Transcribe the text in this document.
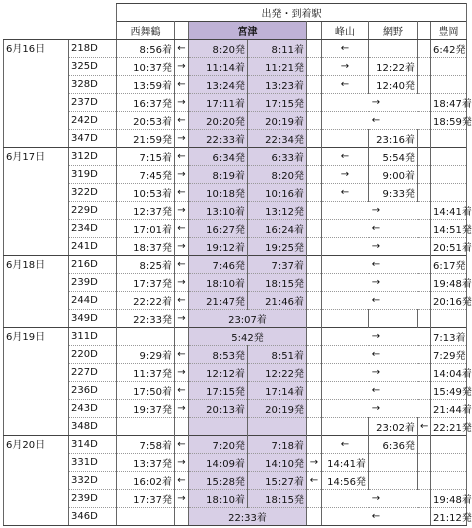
		出発・到着駅								
		西舞鶴		宮津			峰山	網野		豊岡
6月16日	218D	8:56着	←	8:20発	8:11着		←			6:42発
	325D	10:37発	→	11:14着	11:21発		→	12:22着		
	328D	13:59着	←	13:24発	13:23着		←	12:40発		
	237D	16:37発	→	17:11着	17:15発		→			18:47着
	242D	20:53着	←	20:20発	20:19着		←			18:59発
	347D	21:59発	→	22:33着	22:34発			23:16着		
6月17日	312D	7:15着	←	6:34発	6:33着		←	5:54発		
	319D	7:45発	→	8:19着	8:20発		→	9:00着		
	322D	10:53着	←	10:18発	10:16着		←	9:33発		
	229D	12:37発	→	13:10着	13:12発		→			14:41着
	234D	17:01着	←	16:27発	16:24着		←			14:51発
	241D	18:37発	→	19:12着	19:25発		→			20:51着
6月18日	216D	8:25着	←	7:46発	7:37着		←			6:17発
	239D	17:37発	→	18:10着	18:15発		→			19:48着
	244D	22:22着	←	21:47発	21:46着		←			20:16発
	349D	22:33発	→	23:07着						
6月19日	311D			5:42発			→			7:13着
	220D	9:29着	←	8:53発	8:51着		←			7:29発
	227D	11:37発	→	12:12着	12:22発		→			14:04着
	236D	17:50着	←	17:15発	17:14着		←			15:49発
	243D	19:37発	→	20:13着	20:19発		→			21:44着
	348D							23:02着	←	22:21発
6月20日	314D	7:58着	←	7:20発	7:18着		←	6:36発		
	331D	13:37発	→	14:09着	14:10発	→	14:41着			
	332D	16:02着	←	15:28発	15:27着	←	14:56発			
	239D	17:37発	→	18:10着	18:15発		→			19:48着
	346D			22:33着			←			21:12発
